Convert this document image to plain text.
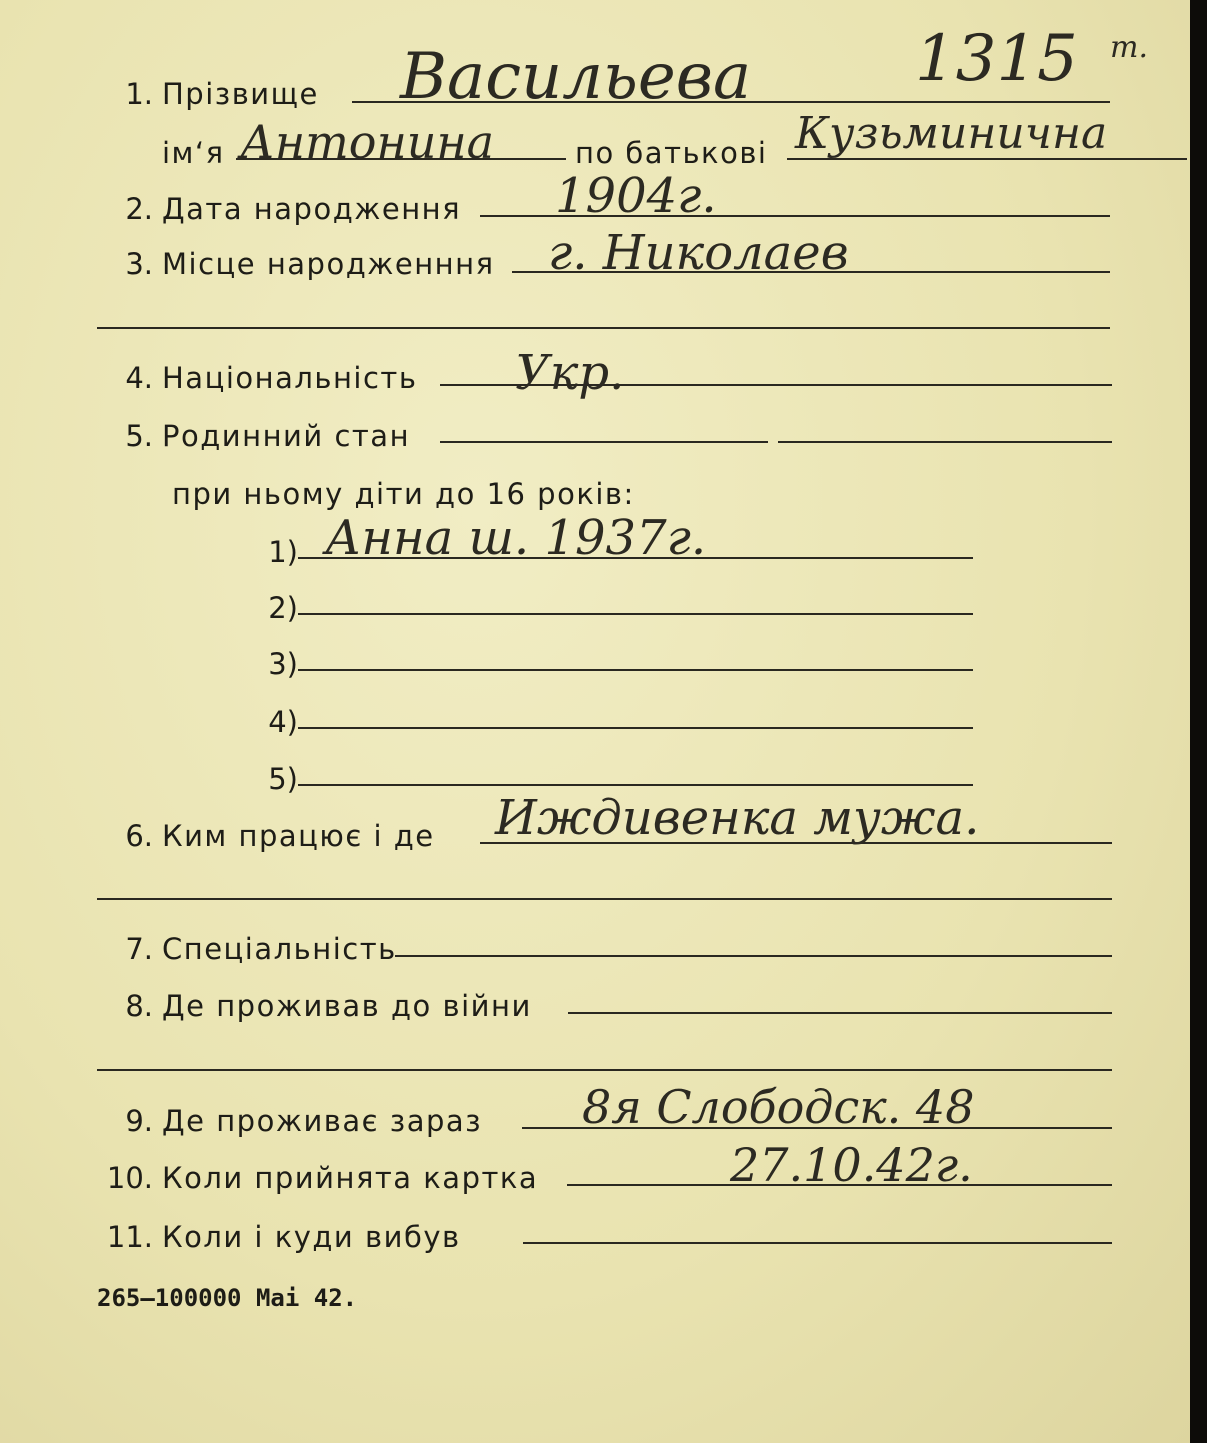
1315 m.
1. Прізвище Васильева
ім‘я Антонина	по батькові Кузьминична
2. Дата народження 1904г.
3. Місце народженння г. Николаев
4. Національність Укр.
5. Родинний стан
при ньому діти до 16 років:
1) Анна ш. 1937г.
2)
3)
4)
5)
6. Ким працює і де Иждивенка мужа.
7. Спеціальність
8. Де проживав до війни
9. Де проживає зараз 8я Слободск. 48
10. Коли прийнята картка	27.10.42г.
11. Коли і куди вибув
265—100000 Mai 42.
